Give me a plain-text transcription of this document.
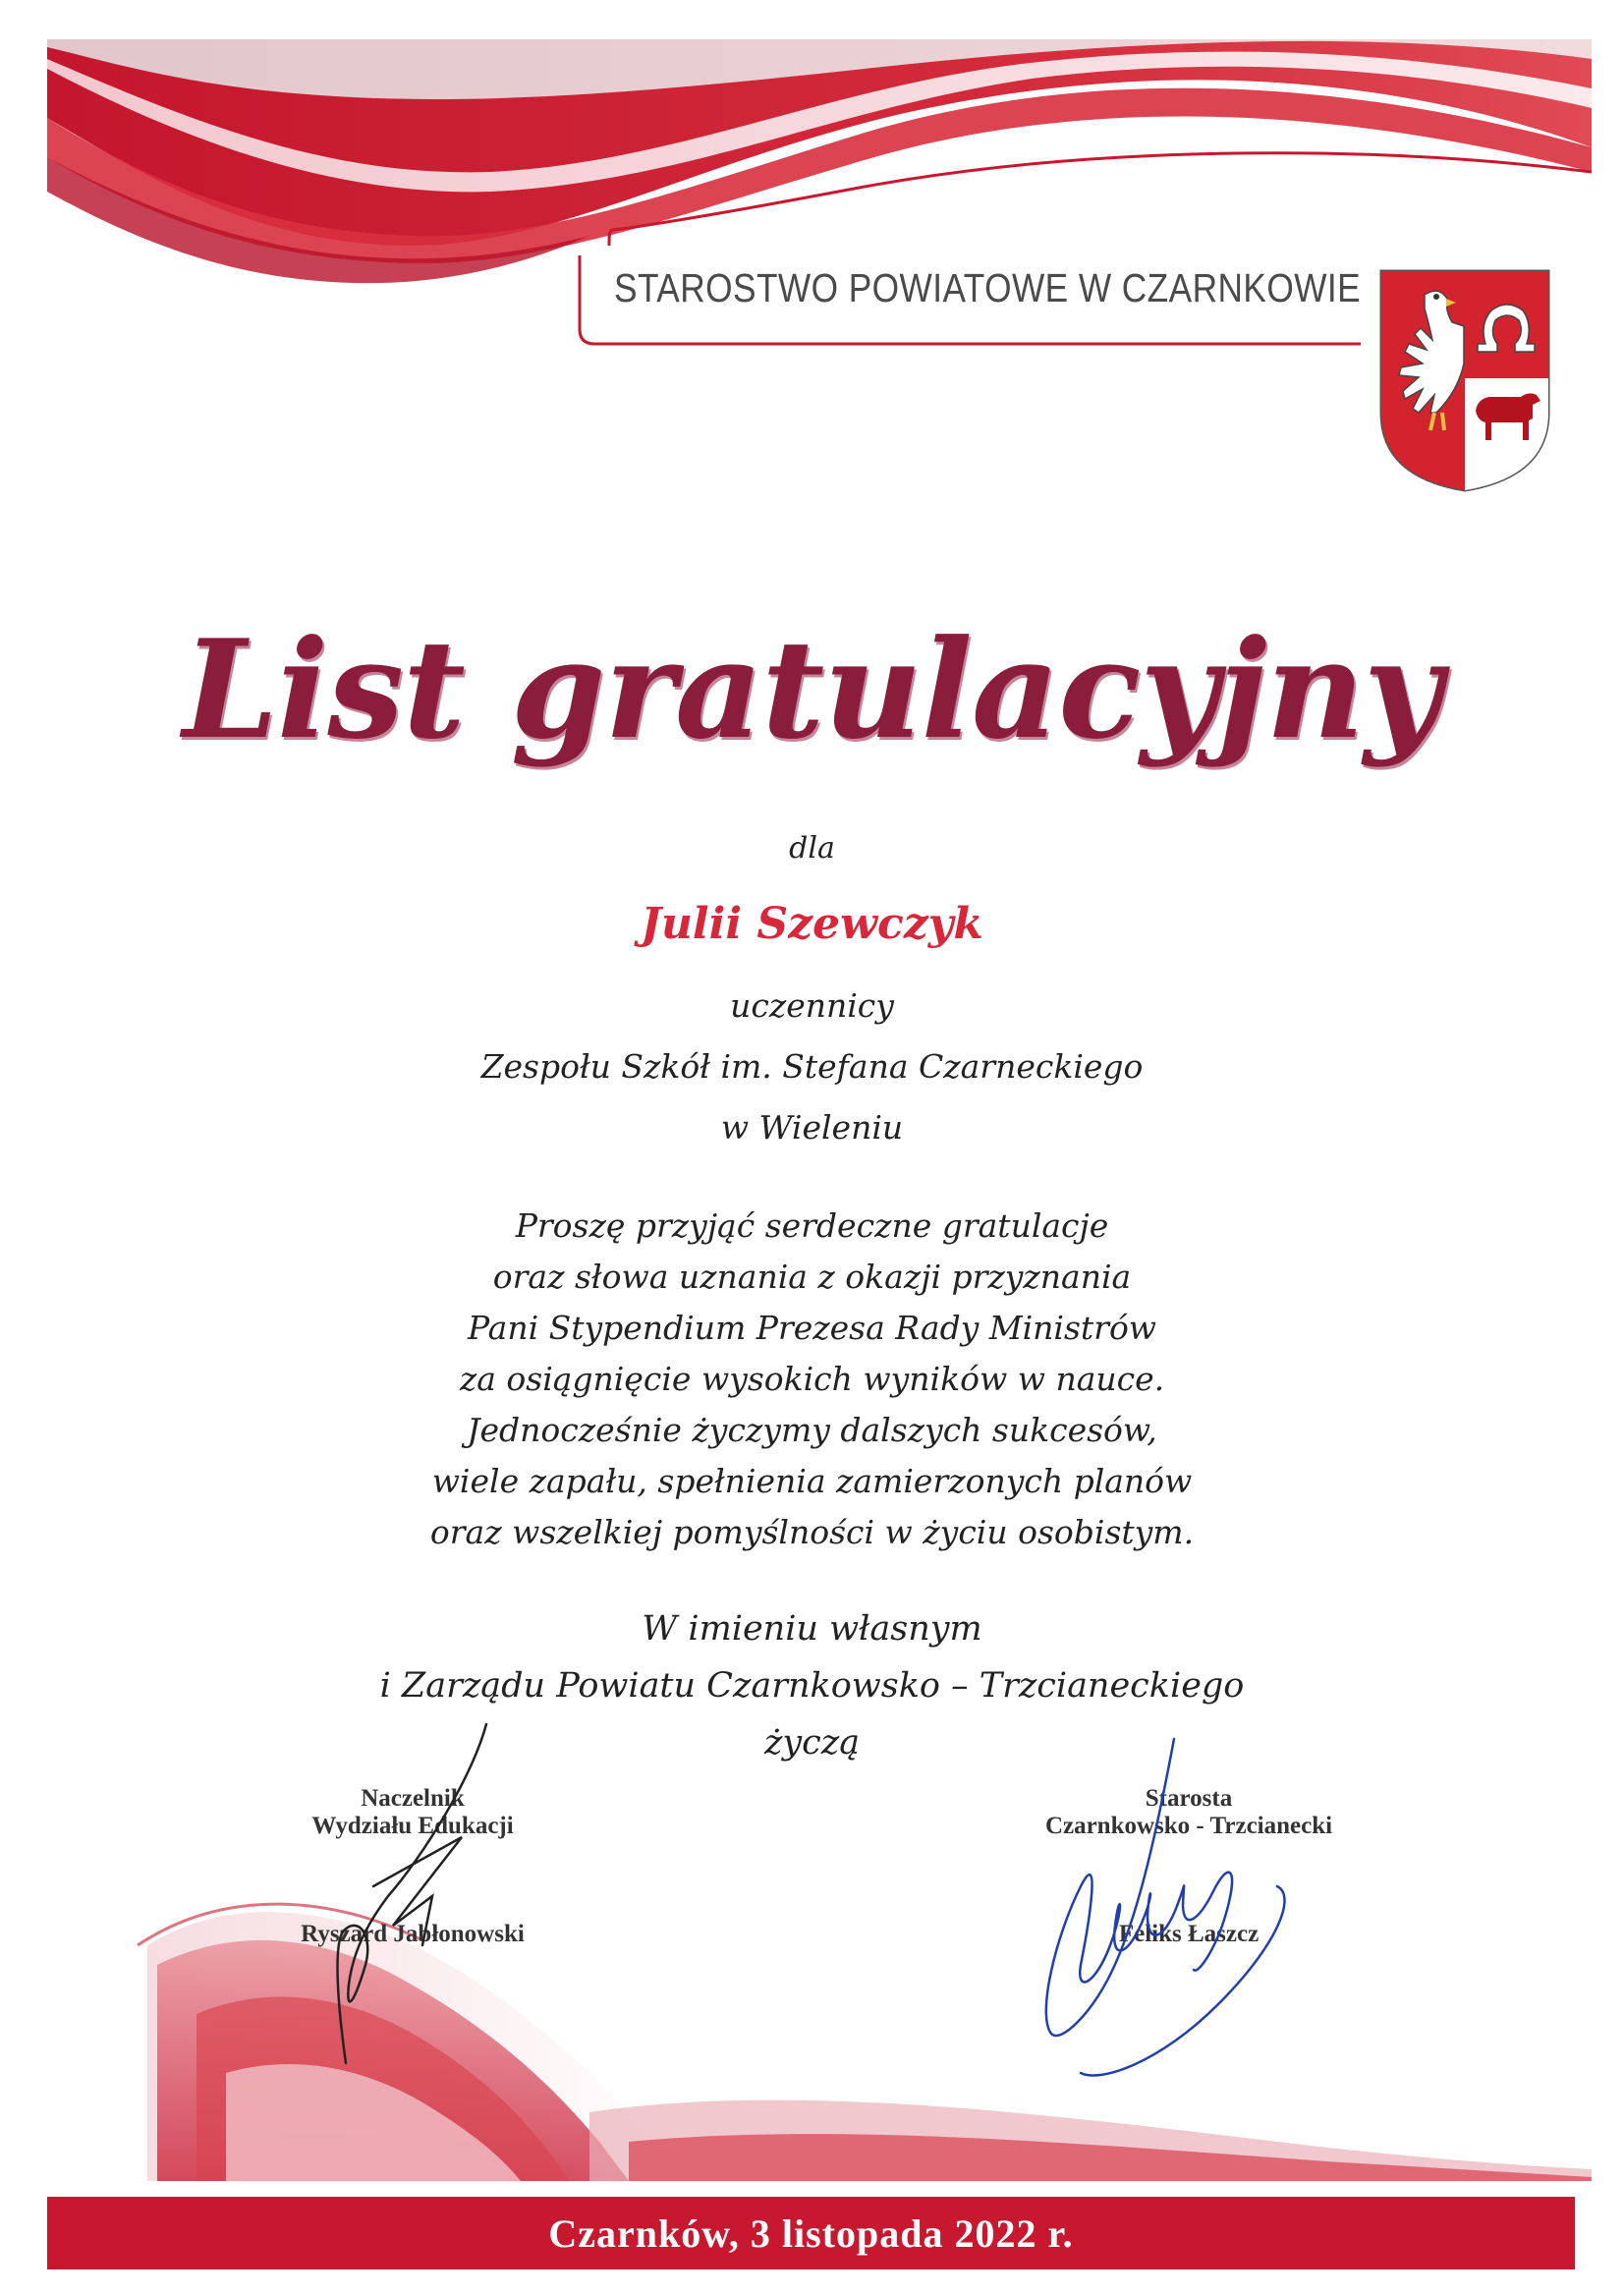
STAROSTWO POWIATOWE W CZARNKOWIE
List gratulacyjny
dla
Julii Szewczyk
uczennicy
Zespołu Szkół im. Stefana Czarneckiego
w Wieleniu
Proszę przyjąć serdeczne gratulacje
oraz słowa uznania z okazji przyznania
Pani Stypendium Prezesa Rady Ministrów
za osiągnięcie wysokich wyników w nauce.
Jednocześnie życzymy dalszych sukcesów,
wiele zapału, spełnienia zamierzonych planów
oraz wszelkiej pomyślności w życiu osobistym.
W imieniu własnym
i Zarządu Powiatu Czarnkowsko – Trzcianeckiego
życzą
Naczelnik
Wydziału Edukacji
Ryszard Jabłonowski
Starosta
Czarnkowsko - Trzcianecki
Feliks Łaszcz
Czarnków, 3 listopada 2022 r.
